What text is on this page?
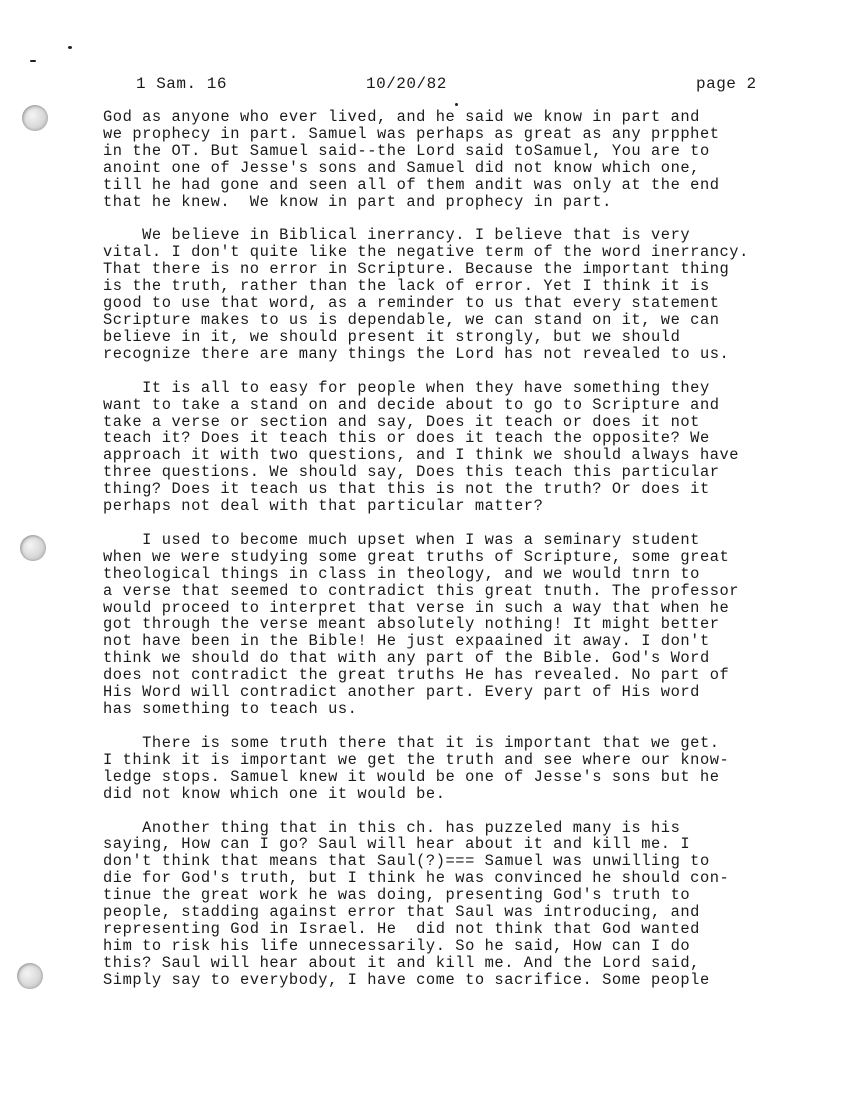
1 Sam. 16	10/20/82	page 2
God as anyone who ever lived, and he said we know in part and
we prophecy in part. Samuel was perhaps as great as any prpphet
in the OT. But Samuel said--the Lord said toSamuel, You are to
anoint one of Jesse's sons and Samuel did not know which one,
till he had gone and seen all of them andit was only at the end
that he knew.  We know in part and prophecy in part.
We believe in Biblical inerrancy. I believe that is very
vital. I don't quite like the negative term of the word inerrancy.
That there is no error in Scripture. Because the important thing
is the truth, rather than the lack of error. Yet I think it is
good to use that word, as a reminder to us that every statement
Scripture makes to us is dependable, we can stand on it, we can
believe in it, we should present it strongly, but we should
recognize there are many things the Lord has not revealed to us.
It is all to easy for people when they have something they
want to take a stand on and decide about to go to Scripture and
take a verse or section and say, Does it teach or does it not
teach it? Does it teach this or does it teach the opposite? We
approach it with two questions, and I think we should always have
three questions. We should say, Does this teach this particular
thing? Does it teach us that this is not the truth? Or does it
perhaps not deal with that particular matter?
I used to become much upset when I was a seminary student
when we were studying some great truths of Scripture, some great
theological things in class in theology, and we would tnrn to
a verse that seemed to contradict this great tnuth. The professor
would proceed to interpret that verse in such a way that when he
got through the verse meant absolutely nothing! It might better
not have been in the Bible! He just expaained it away. I don't
think we should do that with any part of the Bible. God's Word
does not contradict the great truths He has revealed. No part of
His Word will contradict another part. Every part of His word
has something to teach us.
There is some truth there that it is important that we get.
I think it is important we get the truth and see where our know-
ledge stops. Samuel knew it would be one of Jesse's sons but he
did not know which one it would be.
Another thing that in this ch. has puzzeled many is his
saying, How can I go? Saul will hear about it and kill me. I
don't think that means that Saul(?)=== Samuel was unwilling to
die for God's truth, but I think he was convinced he should con-
tinue the great work he was doing, presenting God's truth to
people, stadding against error that Saul was introducing, and
representing God in Israel. He  did not think that God wanted
him to risk his life unnecessarily. So he said, How can I do
this? Saul will hear about it and kill me. And the Lord said,
Simply say to everybody, I have come to sacrifice. Some people
